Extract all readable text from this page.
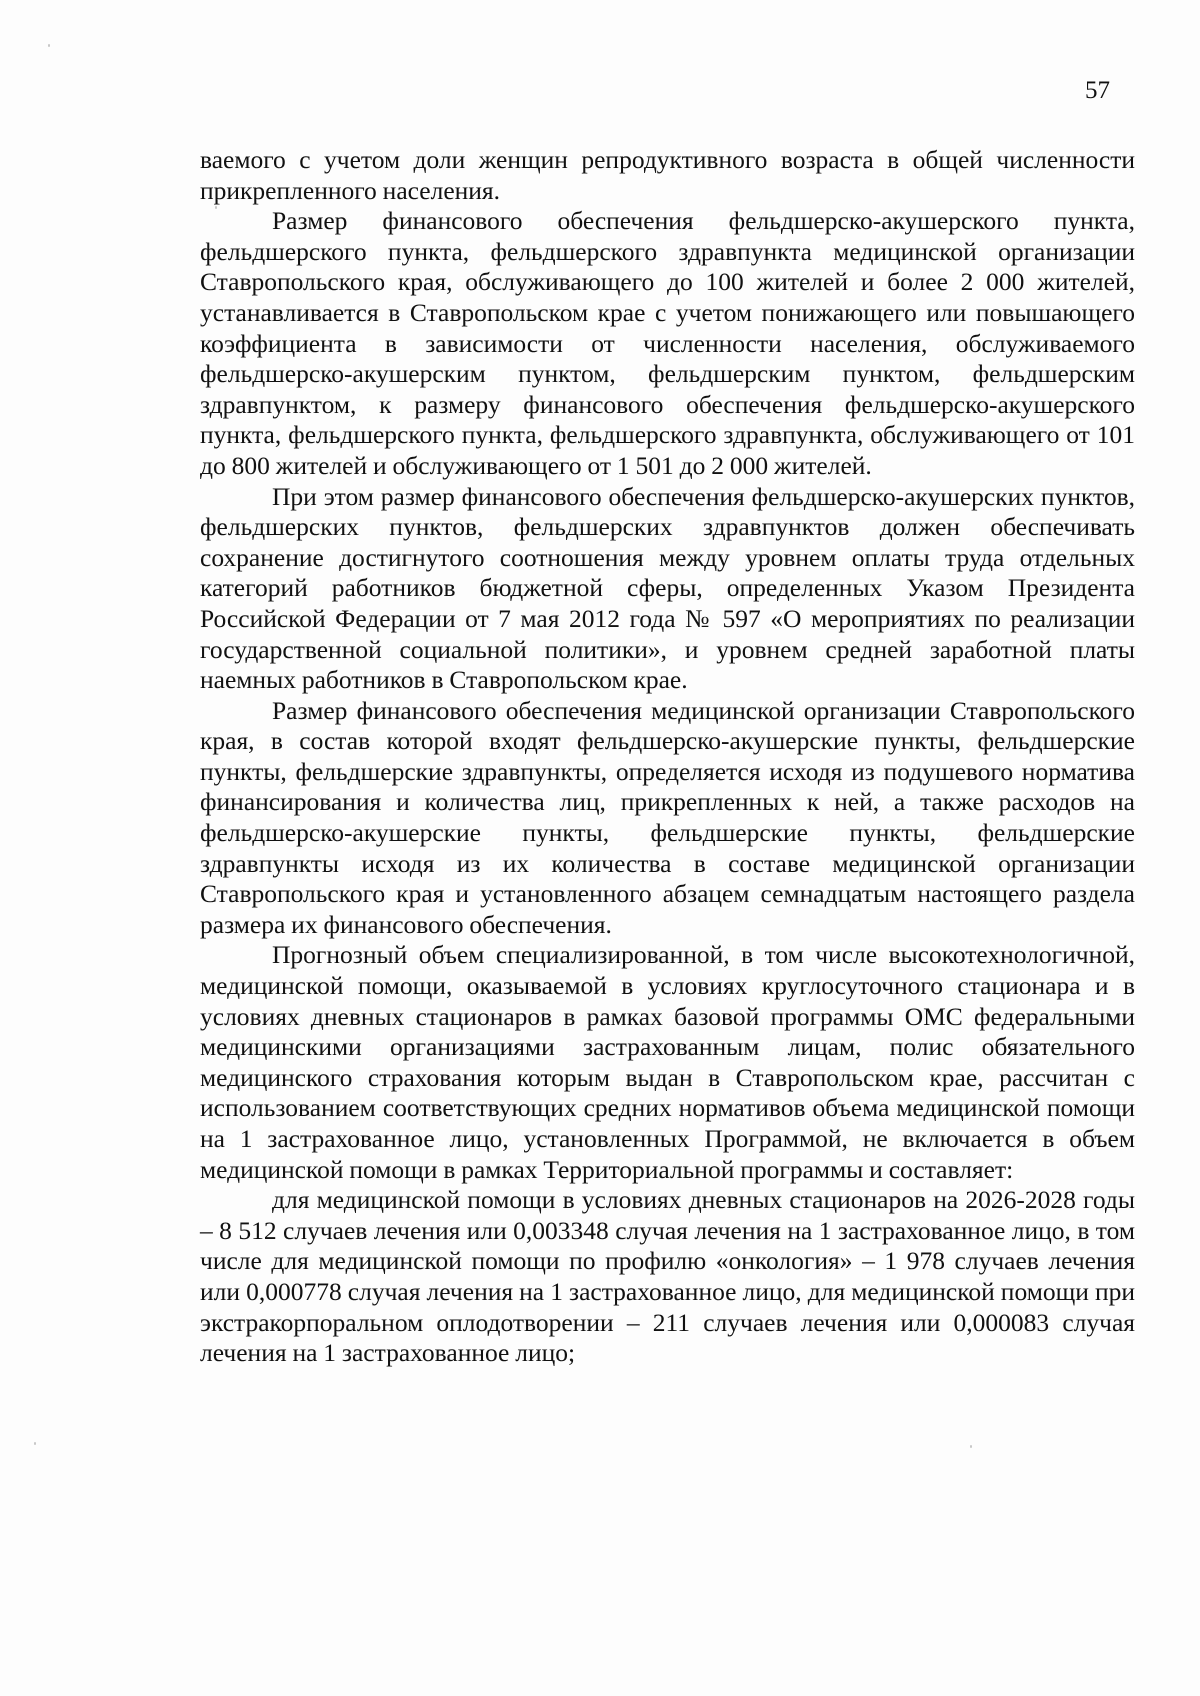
57

ваемого с учетом доли женщин репродуктивного возраста в общей численности прикрепленного населения.

Размер финансового обеспечения фельдшерско-акушерского пункта, фельдшерского пункта, фельдшерского здравпункта медицинской организации Ставропольского края, обслуживающего до 100 жителей и более 2 000 жителей, устанавливается в Ставропольском крае с учетом понижающего или повышающего коэффициента в зависимости от численности населения, обслуживаемого фельдшерско-акушерским пунктом, фельдшерским пунктом, фельдшерским здравпунктом, к размеру финансового обеспечения фельдшерско-акушерского пункта, фельдшерского пункта, фельдшерского здравпункта, обслуживающего от 101 до 800 жителей и обслуживающего от 1 501 до 2 000 жителей.

При этом размер финансового обеспечения фельдшерско-акушерских пунктов, фельдшерских пунктов, фельдшерских здравпунктов должен обеспечивать сохранение достигнутого соотношения между уровнем оплаты труда отдельных категорий работников бюджетной сферы, определенных Указом Президента Российской Федерации от 7 мая 2012 года № 597 «О мероприятиях по реализации государственной социальной политики», и уровнем средней заработной платы наемных работников в Ставропольском крае.

Размер финансового обеспечения медицинской организации Ставропольского края, в состав которой входят фельдшерско-акушерские пункты, фельдшерские пункты, фельдшерские здравпункты, определяется исходя из подушевого норматива финансирования и количества лиц, прикрепленных к ней, а также расходов на фельдшерско-акушерские пункты, фельдшерские пункты, фельдшерские здравпункты исходя из их количества в составе медицинской организации Ставропольского края и установленного абзацем семнадцатым настоящего раздела размера их финансового обеспечения.

Прогнозный объем специализированной, в том числе высокотехнологичной, медицинской помощи, оказываемой в условиях круглосуточного стационара и в условиях дневных стационаров в рамках базовой программы ОМС федеральными медицинскими организациями застрахованным лицам, полис обязательного медицинского страхования которым выдан в Ставропольском крае, рассчитан с использованием соответствующих средних нормативов объема медицинской помощи на 1 застрахованное лицо, установленных Программой, не включается в объем медицинской помощи в рамках Территориальной программы и составляет:

для медицинской помощи в условиях дневных стационаров на 2026-2028 годы – 8 512 случаев лечения или 0,003348 случая лечения на 1 застрахованное лицо, в том числе для медицинской помощи по профилю «онкология» – 1 978 случаев лечения или 0,000778 случая лечения на 1 застрахованное лицо, для медицинской помощи при экстракорпоральном оплодотворении – 211 случаев лечения или 0,000083 случая лечения на 1 застрахованное лицо;
